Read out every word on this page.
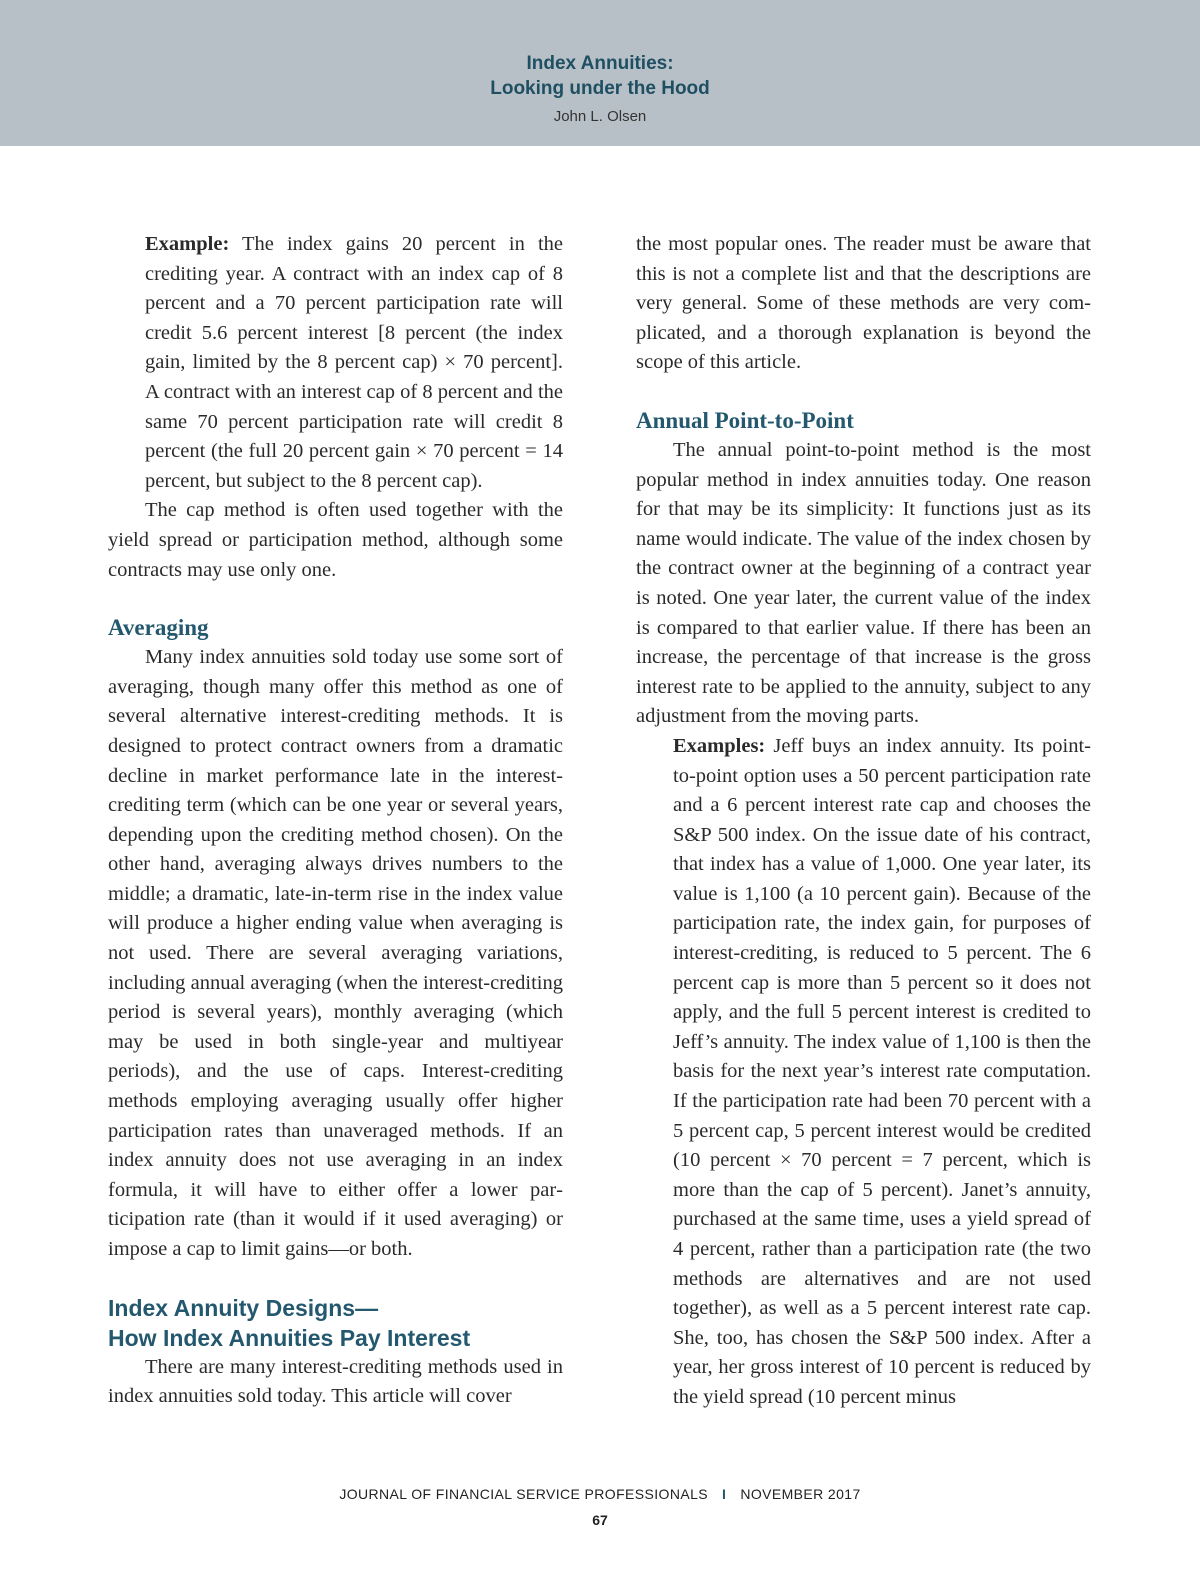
Index Annuities:
Looking under the Hood
John L. Olsen

Example: The index gains 20 percent in the crediting year. A contract with an index cap of 8 percent and a 70 percent participation rate will credit 5.6 percent interest [8 percent (the index gain, limited by the 8 percent cap) × 70 percent]. A contract with an interest cap of 8 percent and the same 70 percent participation rate will credit 8 percent (the full 20 percent gain × 70 percent = 14 percent, but subject to the 8 percent cap).

The cap method is often used together with the yield spread or participation method, although some contracts may use only one.

Averaging

Many index annuities sold today use some sort of averaging, though many offer this method as one of several alternative interest-crediting methods. It is designed to protect contract owners from a dramatic decline in market performance late in the interest-crediting term (which can be one year or several years, depending upon the crediting method chosen). On the other hand, averaging always drives numbers to the middle; a dramatic, late-in-term rise in the index value will produce a higher ending value when averaging is not used. There are several averaging variations, including annual averaging (when the interest-crediting period is several years), monthly averaging (which may be used in both single-year and multiyear periods), and the use of caps. Interest-crediting methods employing averaging usually offer higher participation rates than unaveraged methods. If an index annuity does not use averaging in an index formula, it will have to either offer a lower participation rate (than it would if it used averaging) or impose a cap to limit gains—or both.

Index Annuity Designs—
How Index Annuities Pay Interest

There are many interest-crediting methods used in index annuities sold today. This article will cover

the most popular ones. The reader must be aware that this is not a complete list and that the descriptions are very general. Some of these methods are very complicated, and a thorough explanation is beyond the scope of this article.

Annual Point-to-Point

The annual point-to-point method is the most popular method in index annuities today. One reason for that may be its simplicity: It functions just as its name would indicate. The value of the index chosen by the contract owner at the beginning of a contract year is noted. One year later, the current value of the index is compared to that earlier value. If there has been an increase, the percentage of that increase is the gross interest rate to be applied to the annuity, subject to any adjustment from the moving parts.

Examples: Jeff buys an index annuity. Its point-to-point option uses a 50 percent participation rate and a 6 percent interest rate cap and chooses the S&P 500 index. On the issue date of his contract, that index has a value of 1,000. One year later, its value is 1,100 (a 10 percent gain). Because of the participation rate, the index gain, for purposes of interest-crediting, is reduced to 5 percent. The 6 percent cap is more than 5 percent so it does not apply, and the full 5 percent interest is credited to Jeff’s annuity. The index value of 1,100 is then the basis for the next year’s interest rate computation. If the participation rate had been 70 percent with a 5 percent cap, 5 percent interest would be credited (10 percent × 70 percent = 7 percent, which is more than the cap of 5 percent). Janet’s annuity, purchased at the same time, uses a yield spread of 4 percent, rather than a participation rate (the two methods are alternatives and are not used together), as well as a 5 percent interest rate cap. She, too, has chosen the S&P 500 index. After a year, her gross interest of 10 percent is reduced by the yield spread (10 percent minus

JOURNAL OF FINANCIAL SERVICE PROFESSIONALS I NOVEMBER 2017
67
